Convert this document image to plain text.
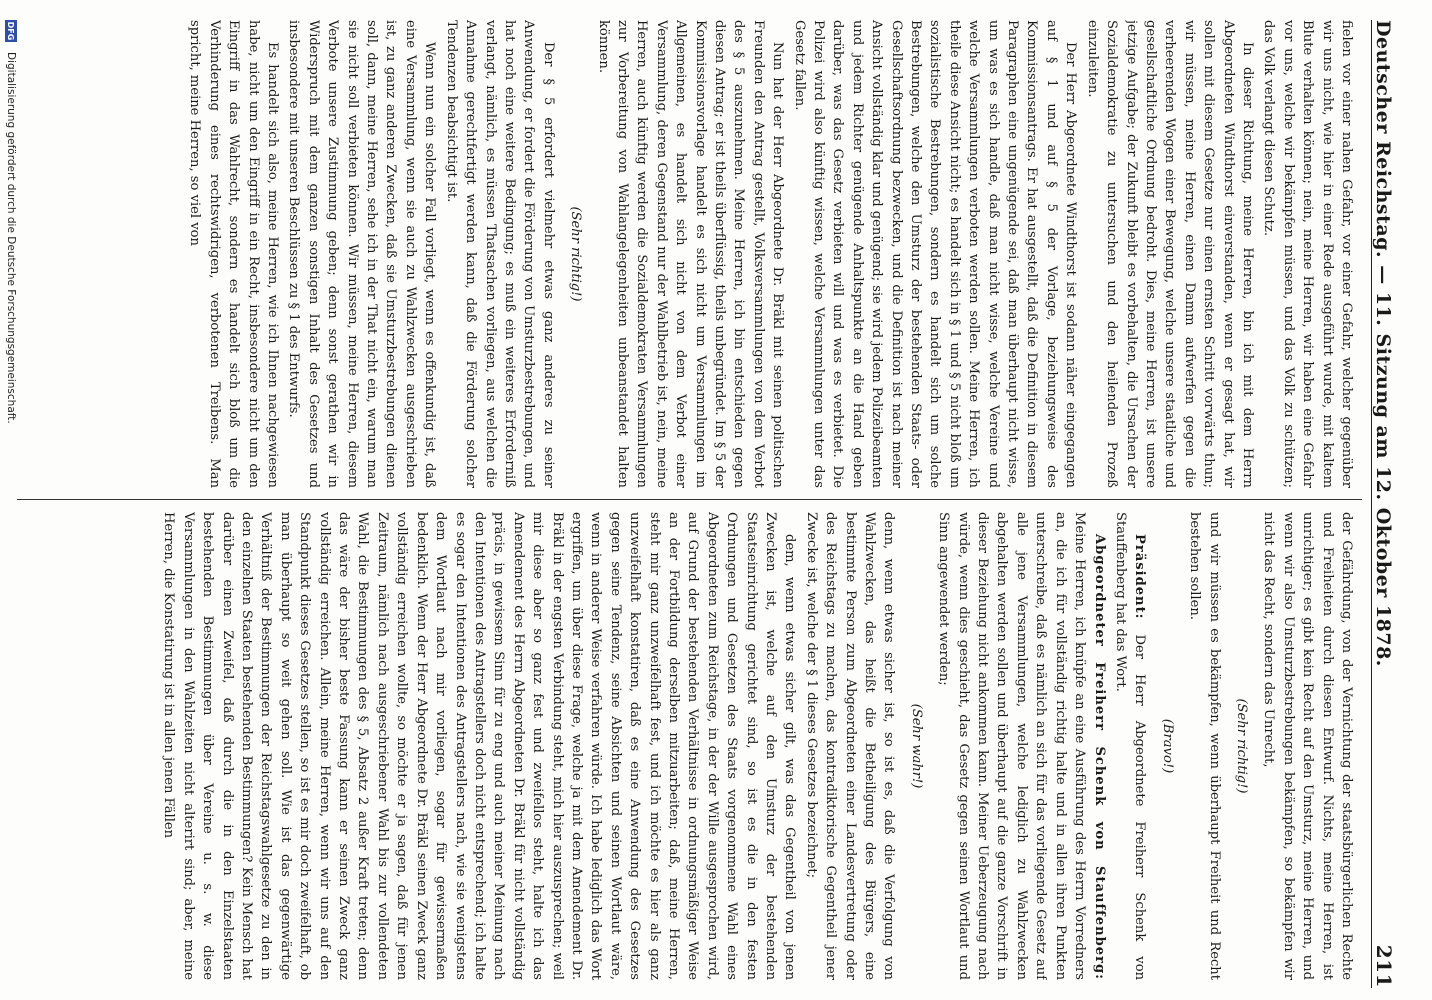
Deutscher Reichstag. — 11. Sitzung am 12. Oktober 1878.
211

fielen vor einer nahen Gefahr, vor einer Gefahr, welcher gegenüber wir uns nicht, wie hier in einer Rede ausgeführt wurde, mit kaltem Blute verhalten können; nein, meine Herren, wir haben eine Gefahr vor uns, welche wir bekämpfen müssen, und das Volk zu schützen; das Volk verlangt diesen Schutz.

In dieser Richtung, meine Herren, bin ich mit dem Herrn Abgeordneten Windthorst einverstanden, wenn er gesagt hat, wir sollen mit diesem Gesetze nur einen ernsten Schritt vorwärts thun; wir müssen, meine Herren, einen Damm aufwerfen gegen die verheerenden Wogen einer Bewegung, welche unsere staatliche und gesellschaftliche Ordnung bedroht. Dies, meine Herren, ist unsere jetzige Aufgabe; der Zukunft bleibt es vorbehalten, die Ursachen der Sozialdemokratie zu untersuchen und den heilenden Prozeß einzuleiten.

Der Herr Abgeordnete Windthorst ist sodann näher eingegangen auf § 1 und auf § 5 der Vorlage, beziehungsweise des Kommissionsantrags. Er hat ausgestellt, daß die Definition in diesem Paragraphen eine ungenügende sei, daß man überhaupt nicht wisse, um was es sich handle, daß man nicht wisse, welche Vereine und welche Versammlungen verboten werden sollen. Meine Herren, ich theile diese Ansicht nicht; es handelt sich in § 1 und § 5 nicht bloß um sozialistische Bestrebungen, sondern es handelt sich um solche Bestrebungen, welche den Umsturz der bestehenden Staats- oder Gesellschaftsordnung bezwecken, und die Definition ist nach meiner Ansicht vollständig klar und genügend; sie wird jedem Polizeibeamten und jedem Richter genügende Anhaltspunkte an die Hand geben darüber, was das Gesetz verbieten will und was es verbietet. Die Polizei wird also künftig wissen, welche Versammlungen unter das Gesetz fallen.

Nun hat der Herr Abgeordnete Dr. Bräkl mit seinen politischen Freunden den Antrag gestellt, Volksversammlungen von dem Verbot des § 5 auszunehmen. Meine Herren, ich bin entschieden gegen diesen Antrag; er ist theils überflüssig, theils unbegründet. Im § 5 der Kommissionsvorlage handelt es sich nicht um Versammlungen im Allgemeinen, es handelt sich nicht von dem Verbot einer Versammlung, deren Gegenstand nur der Wahlbetrieb ist, nein, meine Herren, auch künftig werden die Sozialdemokraten Versammlungen zur Vorbereitung von Wahlangelegenheiten unbeanstandet halten können.

(Sehr richtig!)

Der § 5 erfordert vielmehr etwas ganz anderes zu seiner Anwendung, er fordert die Förderung von Umsturzbestrebungen, und hat noch eine weitere Bedingung; es muß ein weiteres Erforderniß verlangt, nämlich, es müssen Thatsachen vorliegen, aus welchen die Annahme gerechtfertigt werden kann, daß die Förderung solcher Tendenzen beabsichtigt ist.

Wenn nun ein solcher Fall vorliegt, wenn es offenkundig ist, daß eine Versammlung, wenn sie auch zu Wahlzwecken ausgeschrieben ist, zu ganz anderen Zwecken, daß sie Umsturzbestrebungen dienen soll, dann, meine Herren, sehe ich in der That nicht ein, warum man sie nicht soll verbieten können. Wir müssen, meine Herren, diesem Verbote unsere Zustimmung geben; denn sonst gerathen wir in Widerspruch mit dem ganzen sonstigen Inhalt des Gesetzes und insbesondere mit unseren Beschlüssen zu § 1 des Entwurfs.

Es handelt sich also, meine Herren, wie ich Ihnen nachgewiesen habe, nicht um den Eingriff in ein Recht, insbesondere nicht um den Eingriff in das Wahlrecht, sondern es handelt sich bloß um die Verhinderung eines rechtswidrigen, verbotenen Treibens. Man spricht, meine Herren, so viel von

der Gefährdung, von der Vernichtung der staatsbürgerlichen Rechte und Freiheiten durch diesen Entwurf. Nichts, meine Herren, ist unrichtiger; es gibt kein Recht auf den Umsturz, meine Herren, und wenn wir also Umsturzbestrebungen bekämpfen, so bekämpfen wir nicht das Recht, sondern das Unrecht,

(Sehr richtig!)

und wir müssen es bekämpfen, wenn überhaupt Freiheit und Recht bestehen sollen.

(Bravo!)

Präsident: Der Herr Abgeordnete Freiherr Schenk von Stauffenberg hat das Wort.

Abgeordneter Freiherr Schenk von Stauffenberg: Meine Herren, ich knüpfe an eine Ausführung des Herrn Vorredners an, die ich für vollständig richtig halte und in allen ihren Punkten unterschreibe, daß es nämlich an sich für das vorliegende Gesetz auf alle jene Versammlungen, welche lediglich zu Wahlzwecken abgehalten werden sollen und überhaupt auf die ganze Vorschrift in dieser Beziehung nicht ankommen kann. Meiner Ueberzeugung nach würde, wenn dies geschieht, das Gesetz gegen seinen Wortlaut und Sinn angewendet werden;

(Sehr wahr!)

denn, wenn etwas sicher ist, so ist es, daß die Verfolgung von Wahlzwecken, das heißt die Betheiligung des Bürgers, eine bestimmte Person zum Abgeordneten einer Landesvertretung oder des Reichstags zu machen, das kontradiktorische Gegentheil jener Zwecke ist, welche der § 1 dieses Gesetzes bezeichnet;

dem, wenn etwas sicher gilt, was das Gegentheil von jenen Zwecken ist, welche auf den Umsturz der bestehenden Staatseinrichtung gerichtet sind, so ist es die in den festen Ordnungen und Gesetzen des Staats vorgenommene Wahl eines Abgeordneten zum Reichstage, in der der Wille ausgesprochen wird, auf Grund der bestehenden Verhältnisse in ordnungsmäßiger Weise an der Fortbildung derselben mitzuarbeiten; daß, meine Herren, steht mir ganz unzweifelhaft fest, und ich möchte es hier als ganz unzweifelhaft konstatiren, daß es eine Anwendung des Gesetzes gegen seine Tendenz, seine Absichten und seinen Wortlaut wäre, wenn in anderer Weise verfahren würde. Ich habe lediglich das Wort ergriffen, um über diese Frage, welche ja mit dem Amendement Dr. Bräkl in der engsten Verbindung steht, mich hier auszusprechen; weil mir diese aber so ganz fest und zweifellos steht, halte ich das Amendement des Herrn Abgeordneten Dr. Bräkl für nicht vollständig präcis, in gewissem Sinn für zu eng und auch meiner Meinung nach den Intentionen des Antragstellers doch nicht entsprechend; ich halte es sogar den Intentionen des Antragstellers nach, wie sie wenigstens dem Wortlaut nach mir vorliegen, sogar für gewissermaßen bedenklich. Wenn der Herr Abgeordnete Dr. Bräkl seinen Zweck ganz vollständig erreichen wollte, so möchte er ja sagen, daß für jenen Zeitraum, nämlich nach ausgeschriebener Wahl bis zur vollendeten Wahl, die Bestimmungen des § 5, Absatz 2 außer Kraft treten; denn das wäre der bisher beste Fassung kann er seinen Zweck ganz vollständig erreichen. Allein, meine Herren, wenn wir uns auf den Standpunkt dieses Gesetzes stellen, so ist es mir doch zweifelhaft, ob man überhaupt so weit gehen soll. Wie ist das gegenwärtige Verhältniß der Bestimmungen der Reichstagswahlgesetze zu den in den einzelnen Staaten bestehenden Bestimmungen? Kein Mensch hat darüber einen Zweifel, daß durch die in den Einzelstaaten bestehenden Bestimmungen über Vereine u. s. w. diese Versammlungen in den Wahlzeiten nicht alterirt sind; aber, meine Herren, die Konstatirung ist in allen jenen Fällen

DFG
Digitalisierung gefördert durch die Deutsche Forschungsgemeinschaft.
